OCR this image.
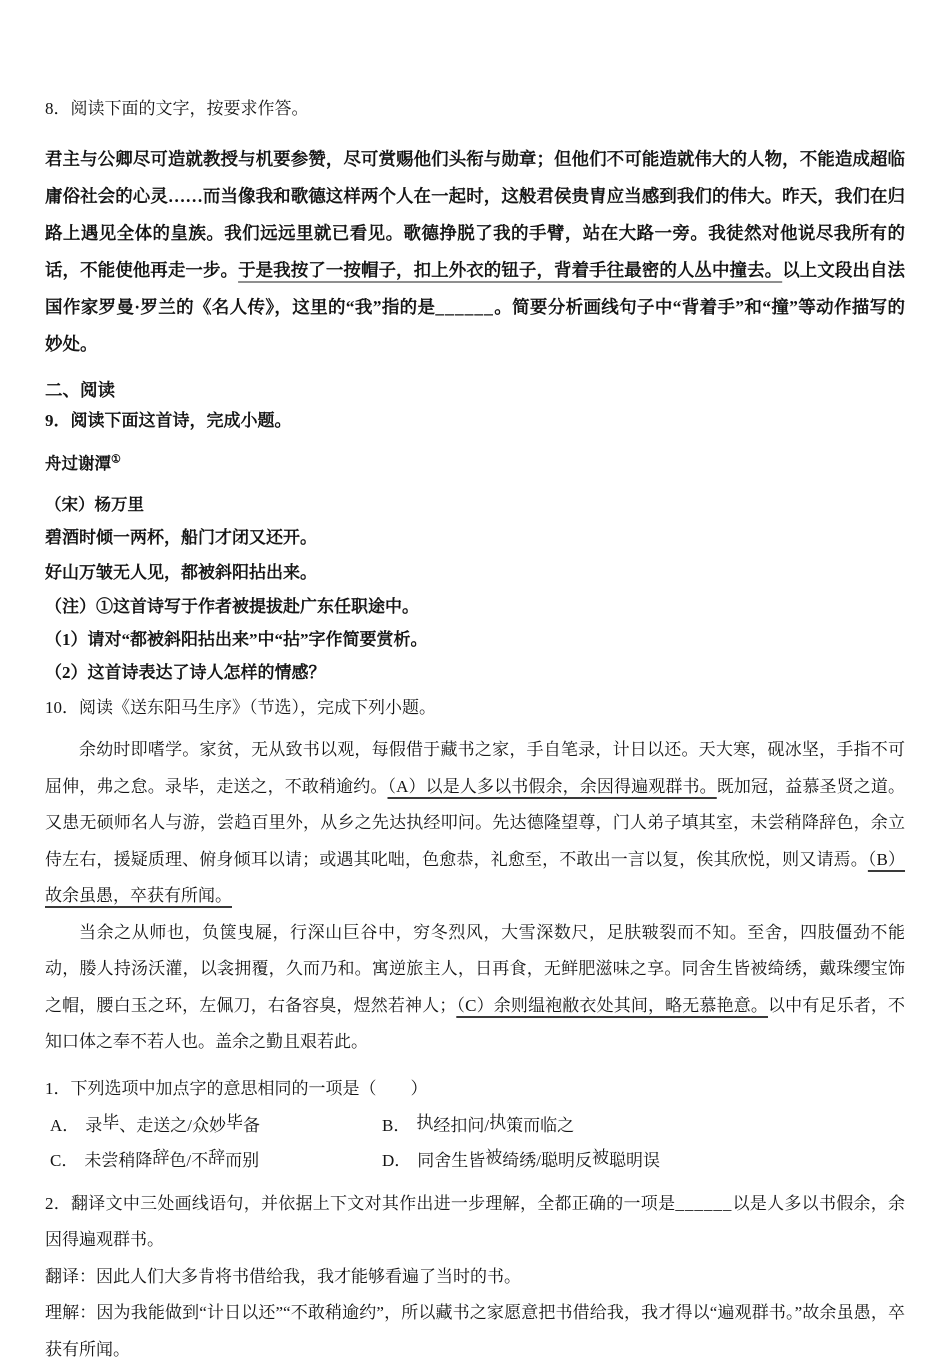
8．阅读下面的文字，按要求作答。

君主与公卿尽可造就教授与机要参赞，尽可赏赐他们头衔与勋章；但他们不可能造就伟大的人物，不能造成超临庸俗社会的心灵……而当像我和歌德这样两个人在一起时，这般君侯贵胄应当感到我们的伟大。昨天，我们在归路上遇见全体的皇族。我们远远里就已看见。歌德挣脱了我的手臂，站在大路一旁。我徒然对他说尽我所有的话，不能使他再走一步。于是我按了一按帽子，扣上外衣的钮子，背着手往最密的人丛中撞去。以上文段出自法国作家罗曼·罗兰的《名人传》，这里的“我”指的是______。简要分析画线句子中“背着手”和“撞”等动作描写的妙处。

二、阅读

9．阅读下面这首诗，完成小题。

舟过谢潭①

（宋）杨万里

碧酒时倾一两杯，船门才闭又还开。

好山万皱无人见，都被斜阳拈出来。

（注）①这首诗写于作者被提拔赴广东任职途中。

（1）请对“都被斜阳拈出来”中“拈”字作简要赏析。

（2）这首诗表达了诗人怎样的情感？

10．阅读《送东阳马生序》（节选），完成下列小题。

余幼时即嗜学。家贫，无从致书以观，每假借于藏书之家，手自笔录，计日以还。天大寒，砚冰坚，手指不可屈伸，弗之怠。录毕，走送之，不敢稍逾约。（A）以是人多以书假余，余因得遍观群书。既加冠，益慕圣贤之道。又患无硕师名人与游，尝趋百里外，从乡之先达执经叩问。先达德隆望尊，门人弟子填其室，未尝稍降辞色，余立侍左右，援疑质理、俯身倾耳以请；或遇其叱咄，色愈恭，礼愈至，不敢出一言以复，俟其欣悦，则又请焉。（B）故余虽愚，卒获有所闻。

当余之从师也，负箧曳屣，行深山巨谷中，穷冬烈风，大雪深数尺，足肤皲裂而不知。至舍，四肢僵劲不能动，媵人持汤沃灌，以衾拥覆，久而乃和。寓逆旅主人，日再食，无鲜肥滋味之享。同舍生皆被绮绣，戴珠缨宝饰之帽，腰白玉之环，左佩刀，右备容臭，煜然若神人；（C）余则缊袍敝衣处其间，略无慕艳意。以中有足乐者，不知口体之奉不若人也。盖余之勤且艰若此。

1．下列选项中加点字的意思相同的一项是（　　）

A． 录毕、走送之/众妙毕备	B． 执经扣问/执策而临之
C． 未尝稍降辞色/不辞而别	D． 同舍生皆被绮绣/聪明反被聪明误

2．翻译文中三处画线语句，并依据上下文对其作出进一步理解，全都正确的一项是______以是人多以书假余，余因得遍观群书。

翻译：因此人们大多肯将书借给我，我才能够看遍了当时的书。

理解：因为我能做到“计日以还”“不敢稍逾约”，所以藏书之家愿意把书借给我，我才得以“遍观群书。”故余虽愚，卒获有所闻。
